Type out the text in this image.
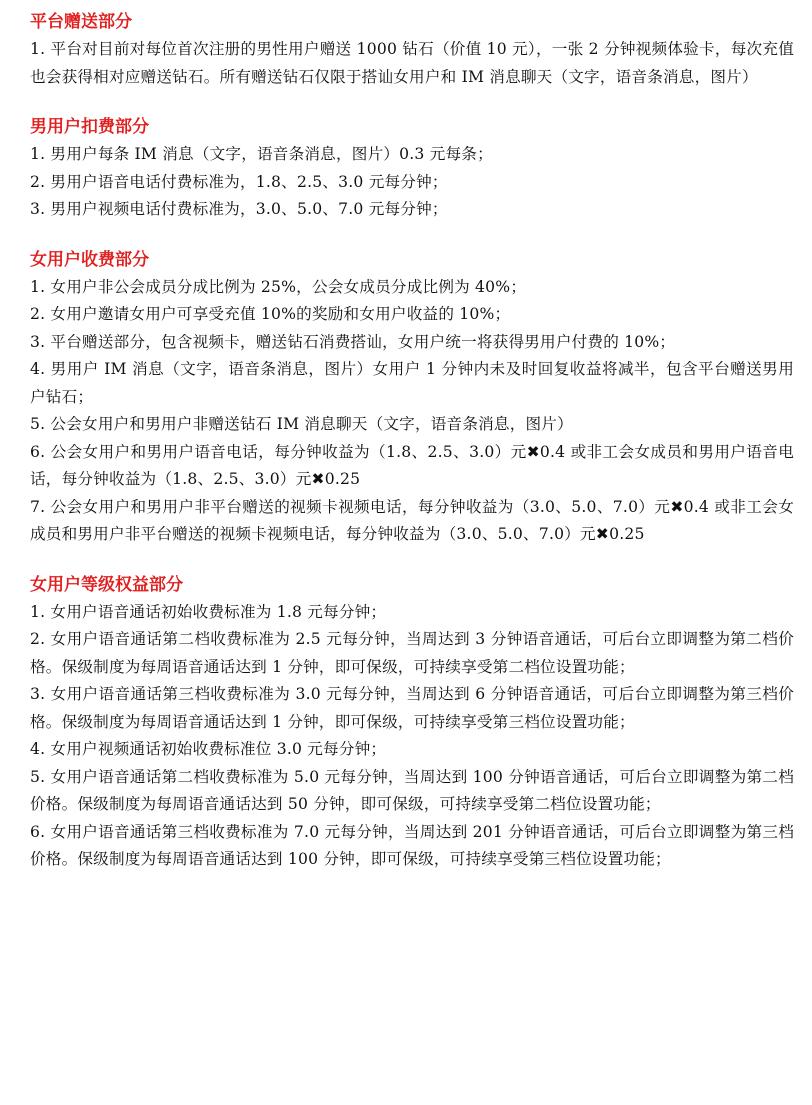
平台赠送部分

1. 平台对目前对每位首次注册的男性用户赠送 1000 钻石（价值 10 元），一张 2 分钟视频体验卡，每次充值也会获得相对应赠送钻石。所有赠送钻石仅限于搭讪女用户和 IM 消息聊天（文字，语音条消息，图片）

男用户扣费部分

1. 男用户每条 IM 消息（文字，语音条消息，图片）0.3 元每条；

2. 男用户语音电话付费标准为，1.8、2.5、3.0 元每分钟；

3. 男用户视频电话付费标准为，3.0、5.0、7.0 元每分钟；

女用户收费部分

1. 女用户非公会成员分成比例为 25%，公会女成员分成比例为 40%；

2. 女用户邀请女用户可享受充值 10%的奖励和女用户收益的 10%；

3. 平台赠送部分，包含视频卡，赠送钻石消费搭讪，女用户统一将获得男用户付费的 10%；

4. 男用户 IM 消息（文字，语音条消息，图片）女用户 1 分钟内未及时回复收益将减半，包含平台赠送男用户钻石；

5. 公会女用户和男用户非赠送钻石 IM 消息聊天（文字，语音条消息，图片）

6. 公会女用户和男用户语音电话，每分钟收益为（1.8、2.5、3.0）元✖0.4 或非工会女成员和男用户语音电话，每分钟收益为（1.8、2.5、3.0）元✖0.25

7. 公会女用户和男用户非平台赠送的视频卡视频电话，每分钟收益为（3.0、5.0、7.0）元✖0.4 或非工会女成员和男用户非平台赠送的视频卡视频电话，每分钟收益为（3.0、5.0、7.0）元✖0.25

女用户等级权益部分

1. 女用户语音通话初始收费标准为 1.8 元每分钟；

2. 女用户语音通话第二档收费标准为 2.5 元每分钟，当周达到 3 分钟语音通话，可后台立即调整为第二档价格。保级制度为每周语音通话达到 1 分钟，即可保级，可持续享受第二档位设置功能；

3. 女用户语音通话第三档收费标准为 3.0 元每分钟，当周达到 6 分钟语音通话，可后台立即调整为第三档价格。保级制度为每周语音通话达到 1 分钟，即可保级，可持续享受第三档位设置功能；

4. 女用户视频通话初始收费标准位 3.0 元每分钟；

5. 女用户语音通话第二档收费标准为 5.0 元每分钟，当周达到 100 分钟语音通话，可后台立即调整为第二档价格。保级制度为每周语音通话达到 50 分钟，即可保级，可持续享受第二档位设置功能；

6. 女用户语音通话第三档收费标准为 7.0 元每分钟，当周达到 201 分钟语音通话，可后台立即调整为第三档价格。保级制度为每周语音通话达到 100 分钟，即可保级，可持续享受第三档位设置功能；
